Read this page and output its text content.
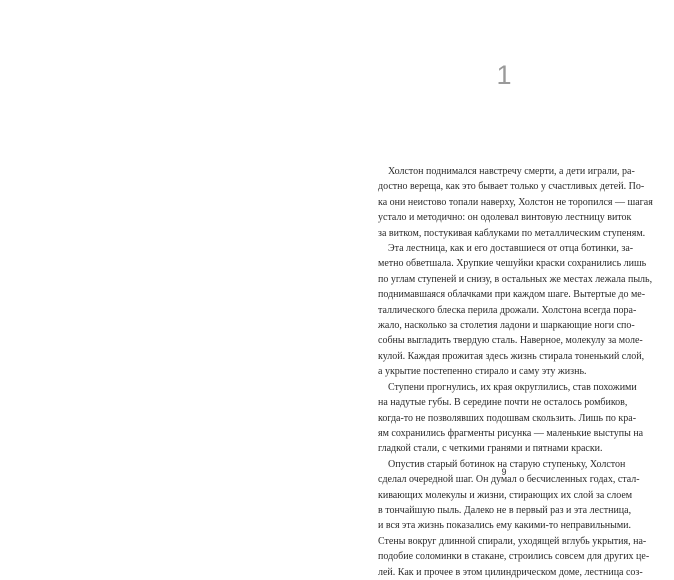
1

Холстон поднимался навстречу смерти, а дети играли, ра-

достно вереща, как это бывает только у счастливых детей. По-

ка они неистово топали наверху, Холстон не торопился — шагая

устало и методично: он одолевал винтовую лестницу виток

за витком, постукивая каблуками по металлическим ступеням.

Эта лестница, как и его доставшиеся от отца ботинки, за-

метно обветшала. Хрупкие чешуйки краски сохранились лишь

по углам ступеней и снизу, в остальных же местах лежала пыль,

поднимавшаяся облачками при каждом шаге. Вытертые до ме-

таллического блеска перила дрожали. Холстона всегда пора-

жало, насколько за столетия ладони и шаркающие ноги спо-

собны выгладить твердую сталь. Наверное, молекулу за моле-

кулой. Каждая прожитая здесь жизнь стирала тоненький слой,

а укрытие постепенно стирало и саму эту жизнь.

Ступени прогнулись, их края округлились, став похожими

на надутые губы. В середине почти не осталось ромбиков,

когда-то не позволявших подошвам скользить. Лишь по кра-

ям сохранились фрагменты рисунка — маленькие выступы на

гладкой стали, с четкими гранями и пятнами краски.

Опустив старый ботинок на старую ступеньку, Холстон

сделал очередной шаг. Он думал о бесчисленных годах, стал-

кивающих молекулы и жизни, стирающих их слой за слоем

в тончайшую пыль. Далеко не в первый раз и эта лестница,

и вся эта жизнь показались ему какими-то неправильными.

Стены вокруг длинной спирали, уходящей вглубь укрытия, на-

подобие соломинки в стакане, строились совсем для других це-

лей. Как и прочее в этом цилиндрическом доме, лестница соз-

9
